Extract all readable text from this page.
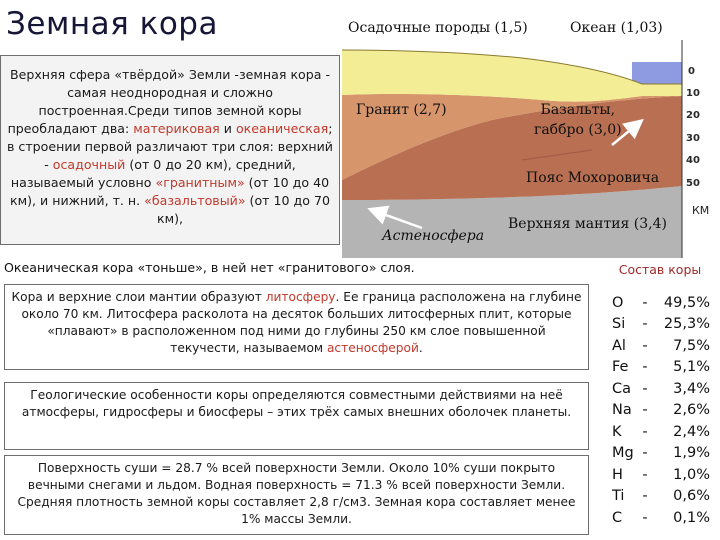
Земная кора
Верхняя сфера «твёрдой» Земли -земная кора - самая неоднородная и сложно построенная.Среди типов земной коры преобладают два: материковая и океаническая; в строении первой различают три слоя: верхний - осадочный (от 0 до 20 км), средний, называемый условно «гранитным» (от 10 до 40 км), и нижний, т. н. «базальтовый» (от 10 до 70 км),
Осадочные породы (1,5)	Океан (1,03)
Гранит (2,7)	Базальты,
габбро (3,0)
Пояс Мохоровича
Астеносфера
Верхняя мантия (3,4)
0
10
20
30
40
50
КМ
Океаническая кора «тоньше», в ней нет «гранитового» слоя.
Кора и верхние слои мантии образуют литосферу. Ее граница расположена на глубине около 70 км. Литосфера расколота на десяток больших литосферных плит, которые «плавают» в расположенном под ними до глубины 250 км слое повышенной текучести, называемом астеносферой.
Геологические особенности коры определяются совместными действиями на неё атмосферы, гидросферы и биосферы – этих трёх самых внешних оболочек планеты.
Поверхность суши = 28.7 % всей поверхности Земли. Около 10% суши покрыто вечными снегами и льдом. Водная поверхность = 71.3 % всей поверхности Земли. Средняя плотность земной коры составляет 2,8 г/см3. Земная кора составляет менее 1% массы Земли.
Состав коры
O	-	49,5%
Si	-	25,3%
Al	-	7,5%
Fe -	5,1%
Ca -	3,4%
Na -	2,6%
K	-	2,4%
Mg -	1,9%
H	-	1,0%
Ti	-	0,6%
C	-	0,1%
